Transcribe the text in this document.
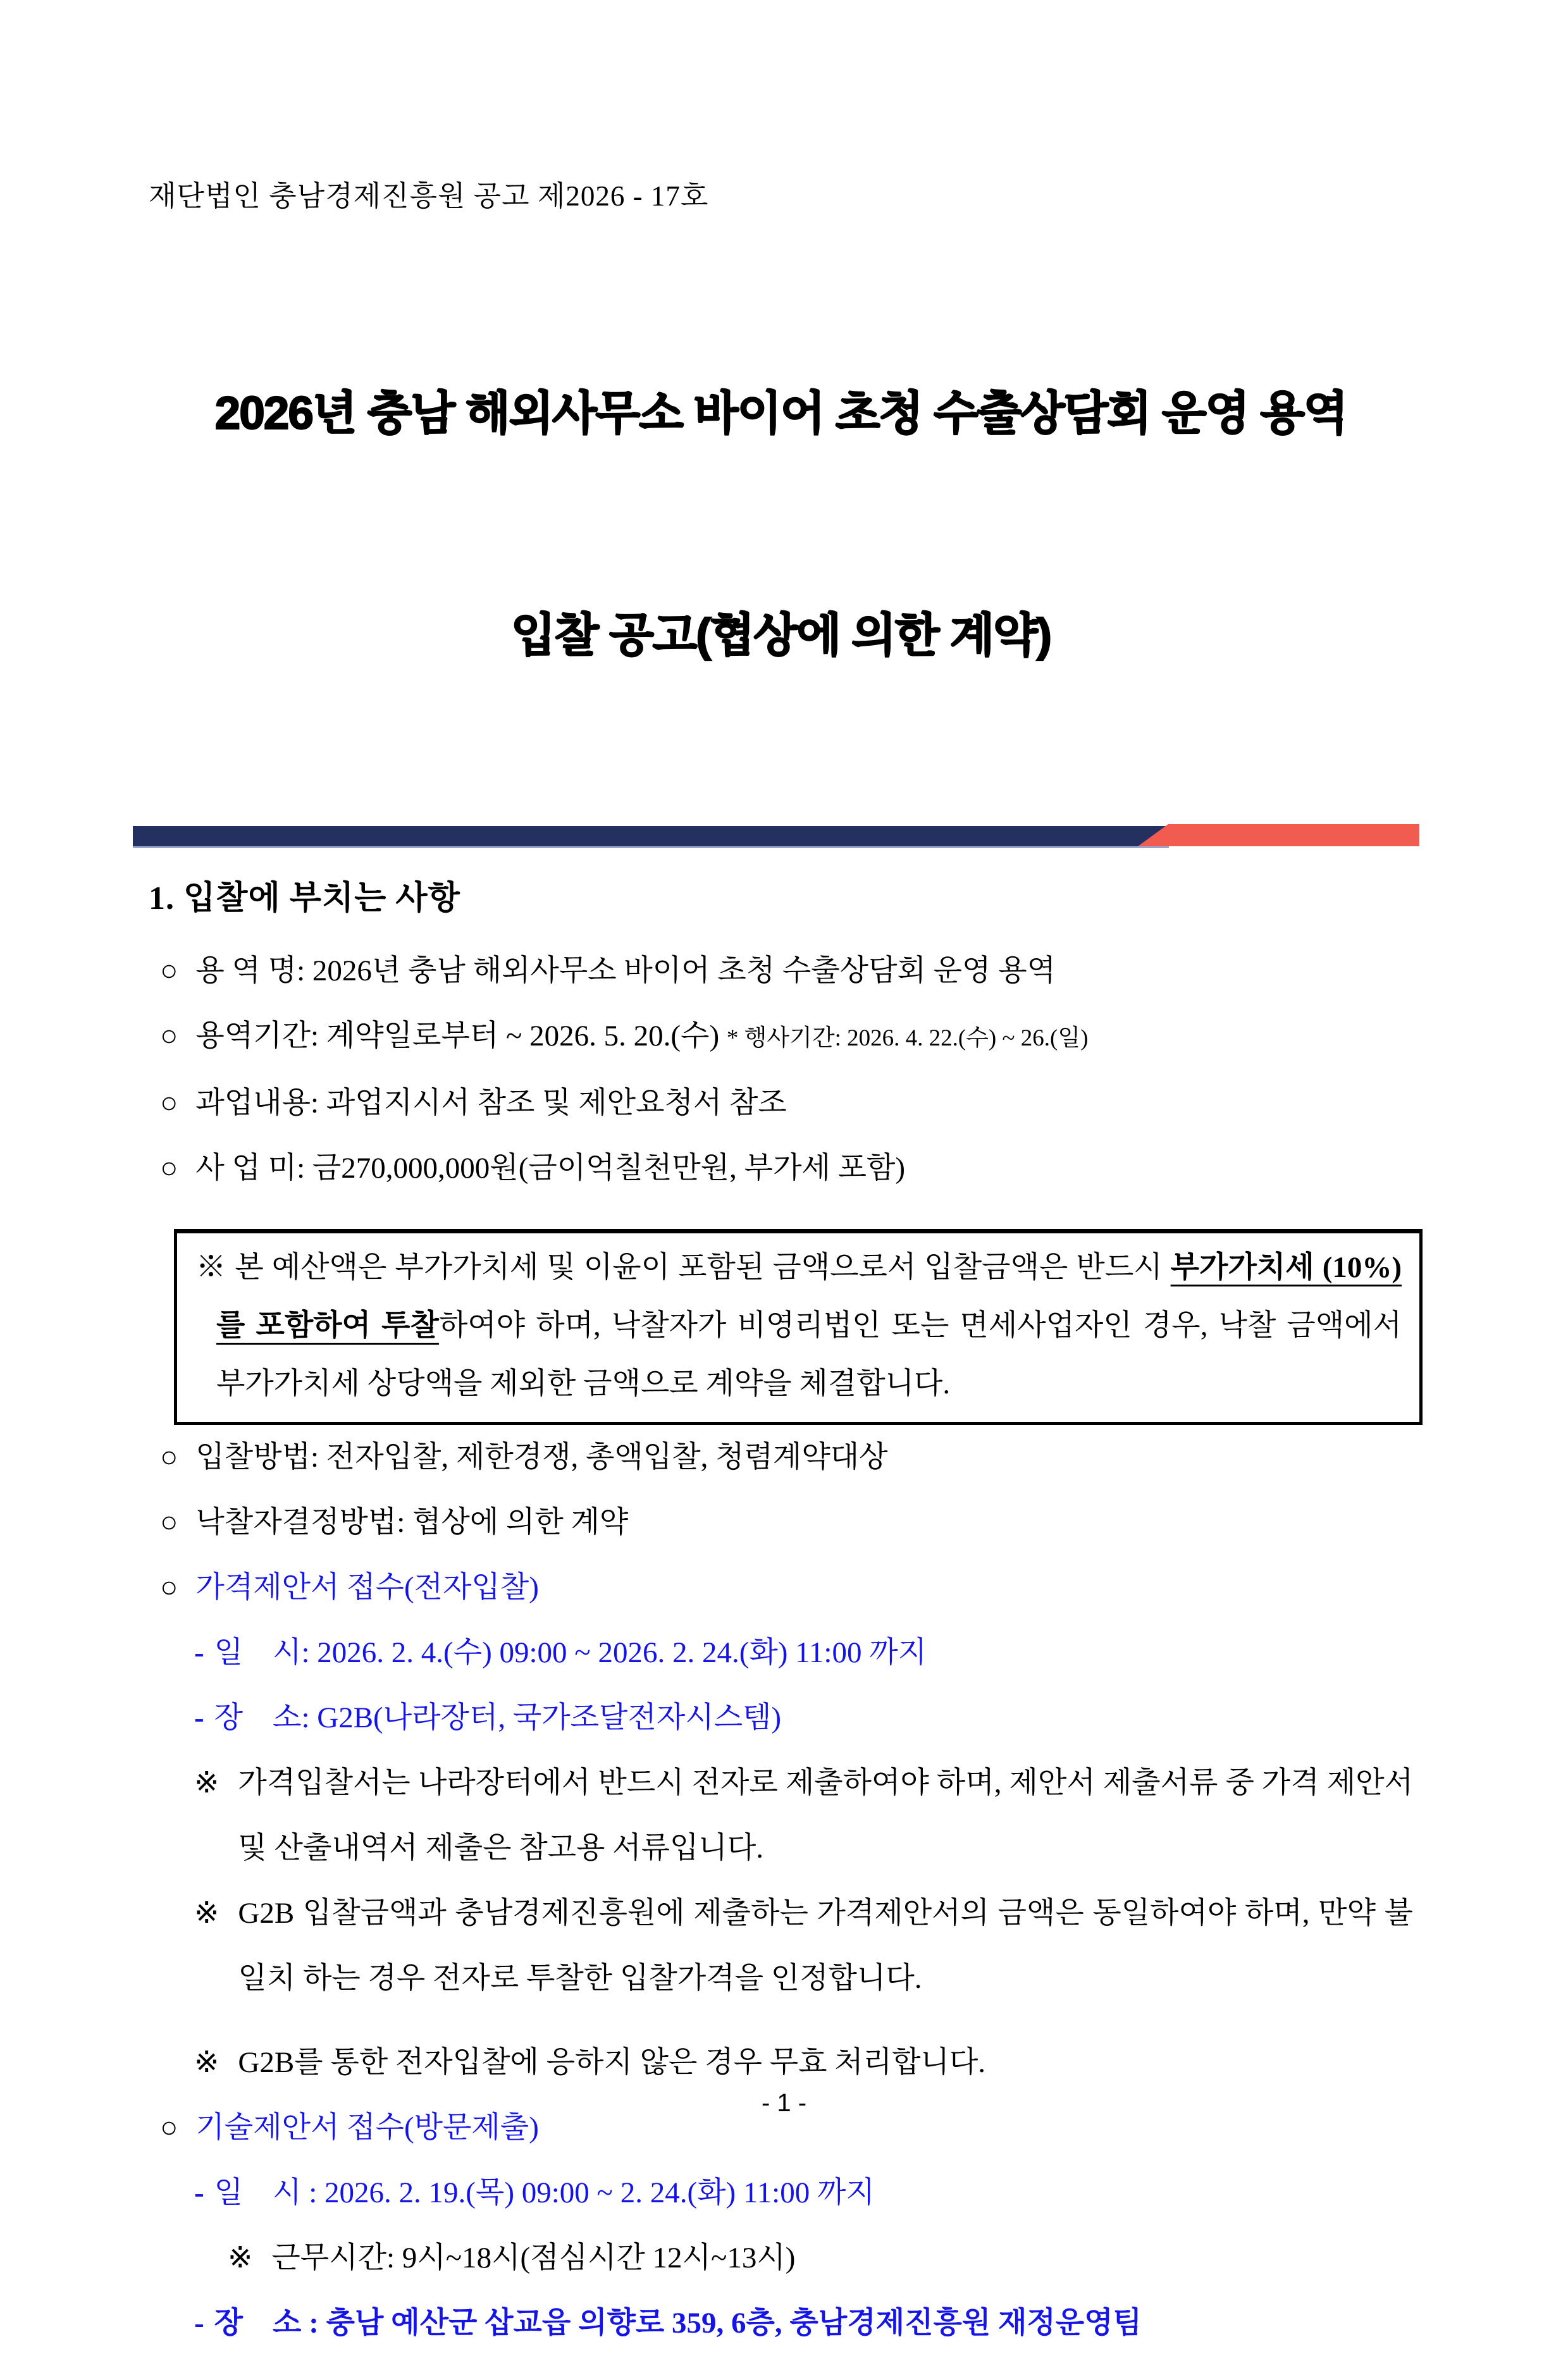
재단법인 충남경제진흥원 공고 제2026 - 17호

2026년 충남 해외사무소 바이어 초청 수출상담회 운영 용역

입찰 공고(협상에 의한 계약)

1. 입찰에 부치는 사항
○ 용 역 명: 2026년 충남 해외사무소 바이어 초청 수출상담회 운영 용역
○ 용역기간: 계약일로부터 ~ 2026. 5. 20.(수) * 행사기간: 2026. 4. 22.(수) ~ 26.(일)
○ 과업내용: 과업지시서 참조 및 제안요청서 참조
○ 사 업 미: 금270,000,000원(금이억칠천만원, 부가세 포함)

※ 본 예산액은 부가가치세 및 이윤이 포함된 금액으로서 입찰금액은 반드시 부가가치세 (10%)를 포함하여 투찰하여야 하며, 낙찰자가 비영리법인 또는 면세사업자인 경우, 낙찰 금액에서 부가가치세 상당액을 제외한 금액으로 계약을 체결합니다.

○ 입찰방법: 전자입찰, 제한경쟁, 총액입찰, 청렴계약대상
○ 낙찰자결정방법: 협상에 의한 계약
○ 가격제안서 접수(전자입찰)
- 일    시: 2026. 2. 4.(수) 09:00 ~ 2026. 2. 24.(화) 11:00 까지
- 장    소: G2B(나라장터, 국가조달전자시스템)
※ 가격입찰서는 나라장터에서 반드시 전자로 제출하여야 하며, 제안서 제출서류 중 가격 제안서 및 산출내역서 제출은 참고용 서류입니다.
※ G2B 입찰금액과 충남경제진흥원에 제출하는 가격제안서의 금액은 동일하여야 하며, 만약 불일치 하는 경우 전자로 투찰한 입찰가격을 인정합니다.
※ G2B를 통한 전자입찰에 응하지 않은 경우 무효 처리합니다.
○ 기술제안서 접수(방문제출)
- 일    시 : 2026. 2. 19.(목) 09:00 ~ 2. 24.(화) 11:00 까지
※ 근무시간: 9시~18시(점심시간 12시~13시)
- 장    소 : 충남 예산군 삽교읍 의향로 359, 6층, 충남경제진흥원 재정운영팀
- 1 -
